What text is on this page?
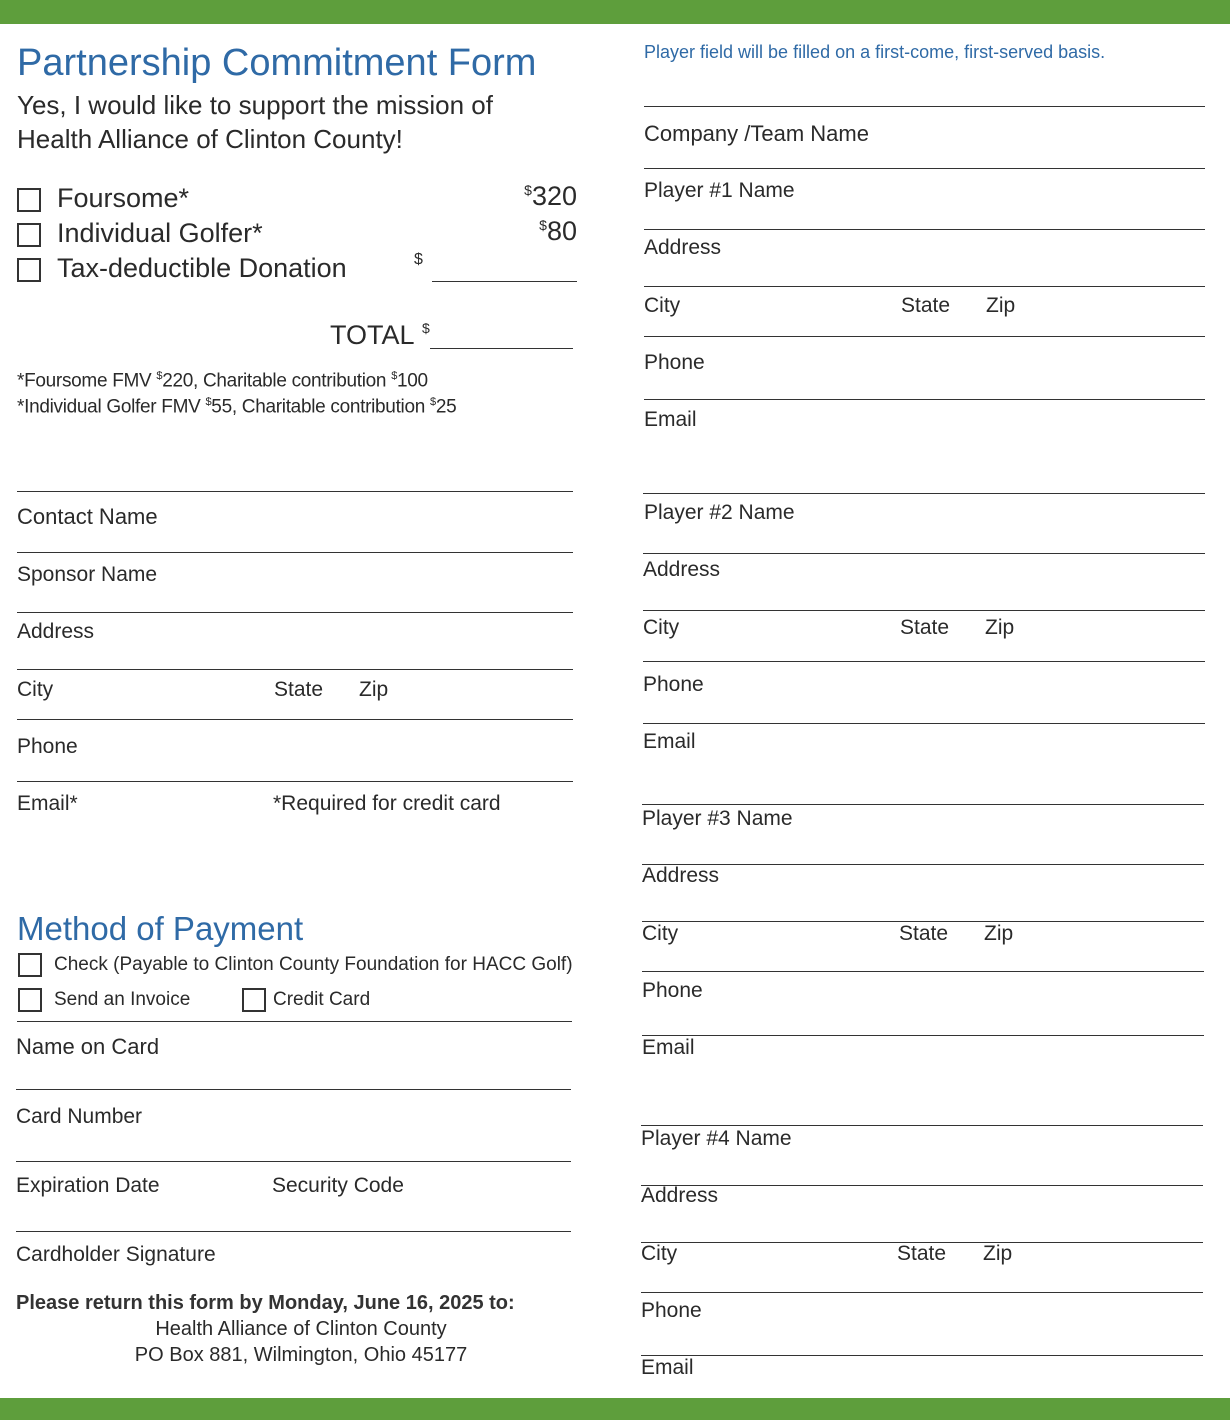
Partnership Commitment Form
Yes, I would like to support the mission of
Health Alliance of Clinton County!
Foursome*	$320
Individual Golfer*	$80
Tax-deductible Donation	$
TOTAL $
*Foursome FMV $220, Charitable contribution $100
*Individual Golfer FMV $55, Charitable contribution $25
Contact Name
Sponsor Name
Address
City	State Zip
Phone
Email*	*Required for credit card
Method of Payment
Check (Payable to Clinton County Foundation for HACC Golf)
Send an Invoice	Credit Card
Name on Card
Card Number
Expiration Date	Security Code
Cardholder Signature
Please return this form by Monday, June 16, 2025 to:
Health Alliance of Clinton County
PO Box 881, Wilmington, Ohio 45177
Player field will be filled on a first-come, first-served basis.
Company /Team Name
Player #1 Name
Address
City	State Zip
Phone
Email
Player #2 Name
Address
City	State Zip
Phone
Email
Player #3 Name
Address
City	State Zip
Phone
Email
Player #4 Name
Address
City	State Zip
Phone
Email
